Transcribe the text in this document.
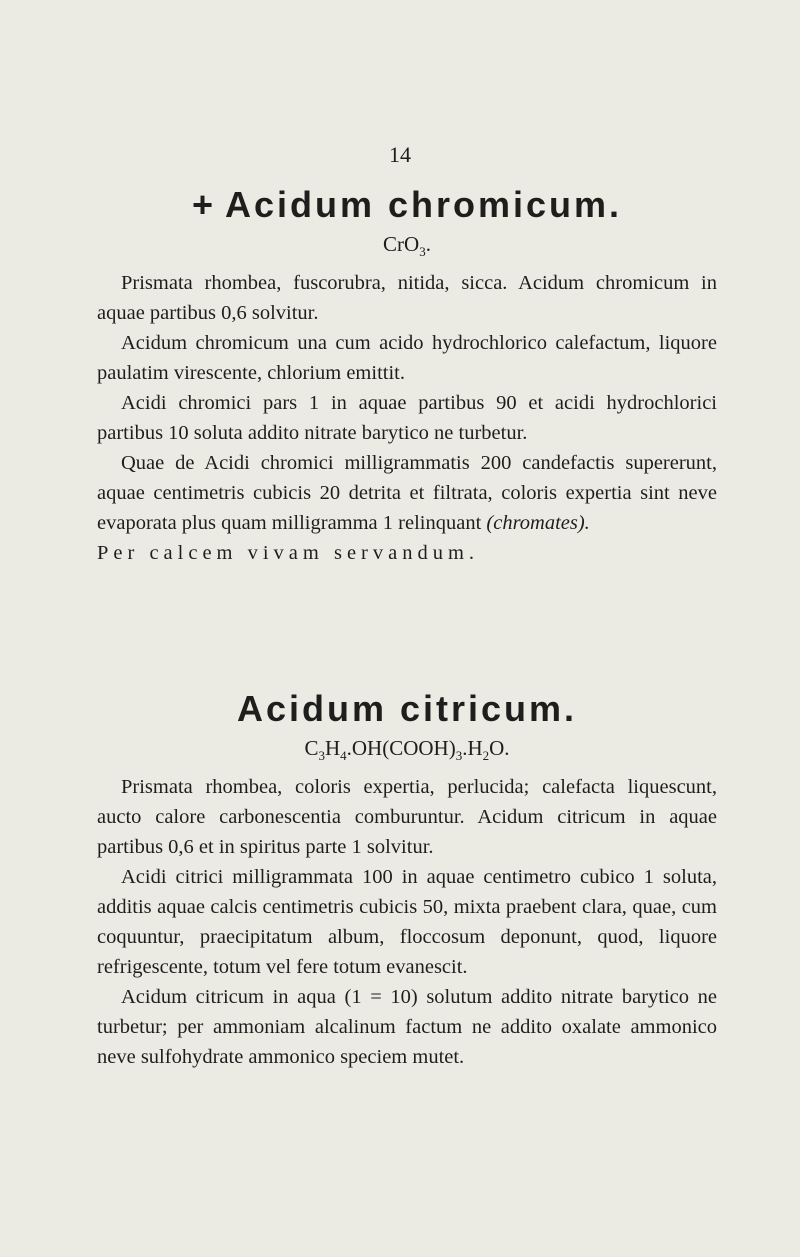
14
+ Acidum chromicum.

CrO$_3$.

Prismata rhombea, fuscorubra, nitida, sicca. Acidum chromicum in aquae partibus 0,6 solvitur.

Acidum chromicum una cum acido hydrochlorico calefactum, liquore paulatim virescente, chlorium emittit.

Acidi chromici pars 1 in aquae partibus 90 et acidi hydrochlorici partibus 10 soluta addito nitrate barytico ne turbetur.

Quae de Acidi chromici milligrammatis 200 candefactis supererunt, aquae centimetris cubicis 20 detrita et filtrata, coloris expertia sint neve evaporata plus quam milligramma 1 relinquant (chromates).

Per calcem vivam servandum.

Acidum citricum.

$C_3H_4.OH(COOH)_3.H_2O$.

Prismata rhombea, coloris expertia, perlucida; calefacta liquescunt, aucto calore carbonescentia comburuntur. Acidum citricum in aquae partibus 0,6 et in spiritus parte 1 solvitur.

Acidi citrici milligrammata 100 in aquae centimetro cubico 1 soluta, additis aquae calcis centimetris cubicis 50, mixta praebent clara, quae, cum coquuntur, praecipitatum album, floccosum deponunt, quod, liquore refrigescente, totum vel fere totum evanescit.

Acidum citricum in aqua (1 = 10) solutum addito nitrate barytico ne turbetur; per ammoniam alcalinum factum ne addito oxalate ammonico neve sulfohydrate ammonico speciem mutet.
